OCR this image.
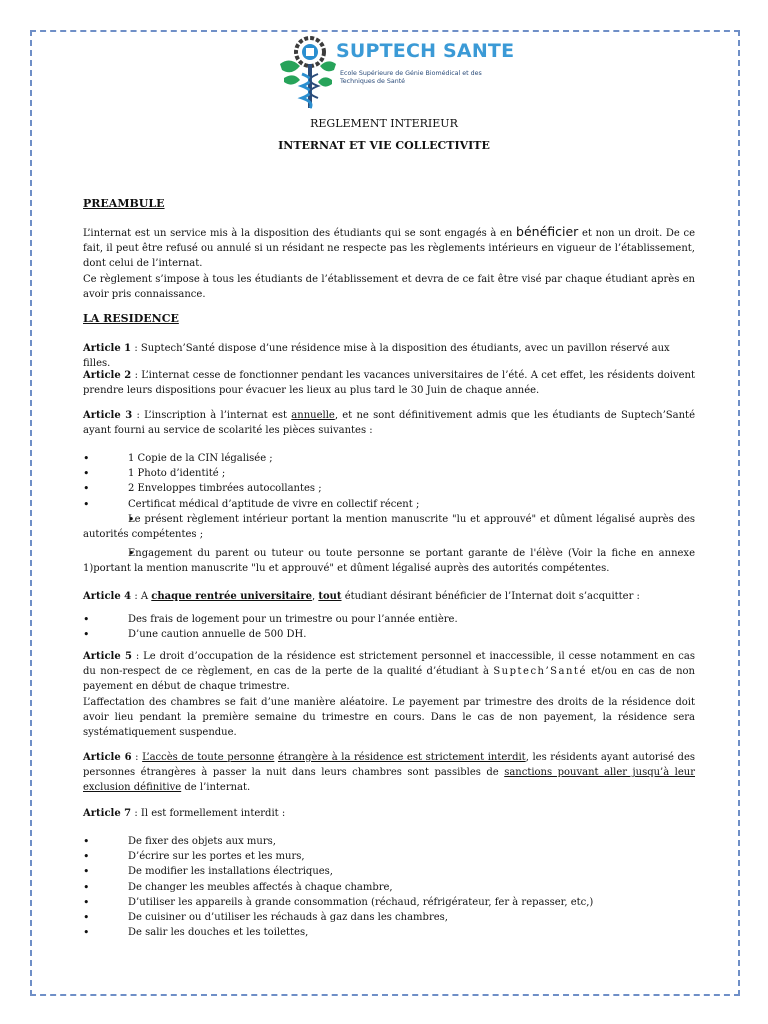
SUPTECH SANTE
Ecole Supérieure de Génie Biomédical et des Techniques de Santé
REGLEMENT INTERIEUR
INTERNAT ET VIE COLLECTIVITE
PREAMBULE
L’internat est un service mis à la disposition des étudiants qui se sont engagés à en bénéficier et non un droit. De ce fait, il peut être refusé ou annulé si un résidant ne respecte pas les règlements intérieurs en vigueur de l’établissement, dont celui de l’internat.
Ce règlement s’impose à tous les étudiants de l’établissement et devra de ce fait être visé par chaque étudiant après en avoir pris connaissance.
LA RESIDENCE
Article 1 : Suptech’Santé dispose d’une résidence mise à la disposition des étudiants, avec un pavillon réservé aux filles.
Article 2 : L’internat cesse de fonctionner pendant les vacances universitaires de l’été. A cet effet, les résidents doivent prendre leurs dispositions pour évacuer les lieux au plus tard le 30 Juin de chaque année.
Article 3 : L’inscription à l’internat est annuelle, et ne sont définitivement admis que les étudiants de Suptech’Santé ayant fourni au service de scolarité les pièces suivantes :
• 1 Copie de la CIN légalisée ;
• 1 Photo d’identité ;
• 2 Enveloppes timbrées autocollantes ;
• Certificat médical d’aptitude de vivre en collectif récent ;
• Le présent règlement intérieur portant la mention manuscrite "lu et approuvé" et dûment légalisé auprès des autorités compétentes ;
• Engagement du parent ou tuteur ou toute personne se portant garante de l'élève (Voir la fiche en annexe 1)portant la mention manuscrite "lu et approuvé" et dûment légalisé auprès des autorités compétentes.
Article 4 : A chaque rentrée universitaire, tout étudiant désirant bénéficier de l’Internat doit s’acquitter :
• Des frais de logement pour un trimestre ou pour l’année entière.
• D’une caution annuelle de 500 DH.
Article 5 : Le droit d’occupation de la résidence est strictement personnel et inaccessible, il cesse notamment en cas du non-respect de ce règlement, en cas de la perte de la qualité d’étudiant à Suptech’Santé et/ou en cas de non payement en début de chaque trimestre.
L’affectation des chambres se fait d’une manière aléatoire. Le payement par trimestre des droits de la résidence doit avoir lieu pendant la première semaine du trimestre en cours. Dans le cas de non payement, la résidence sera systématiquement suspendue.
Article 6 : L’accès de toute personne étrangère à la résidence est strictement interdit, les résidents ayant autorisé des personnes étrangères à passer la nuit dans leurs chambres sont passibles de sanctions pouvant aller jusqu’à leur exclusion définitive de l’internat.
Article 7 : Il est formellement interdit :
• De fixer des objets aux murs,
• D’écrire sur les portes et les murs,
• De modifier les installations électriques,
• De changer les meubles affectés à chaque chambre,
• D’utiliser les appareils à grande consommation (réchaud, réfrigérateur, fer à repasser, etc,)
• De cuisiner ou d’utiliser les réchauds à gaz dans les chambres,
• De salir les douches et les toilettes,
